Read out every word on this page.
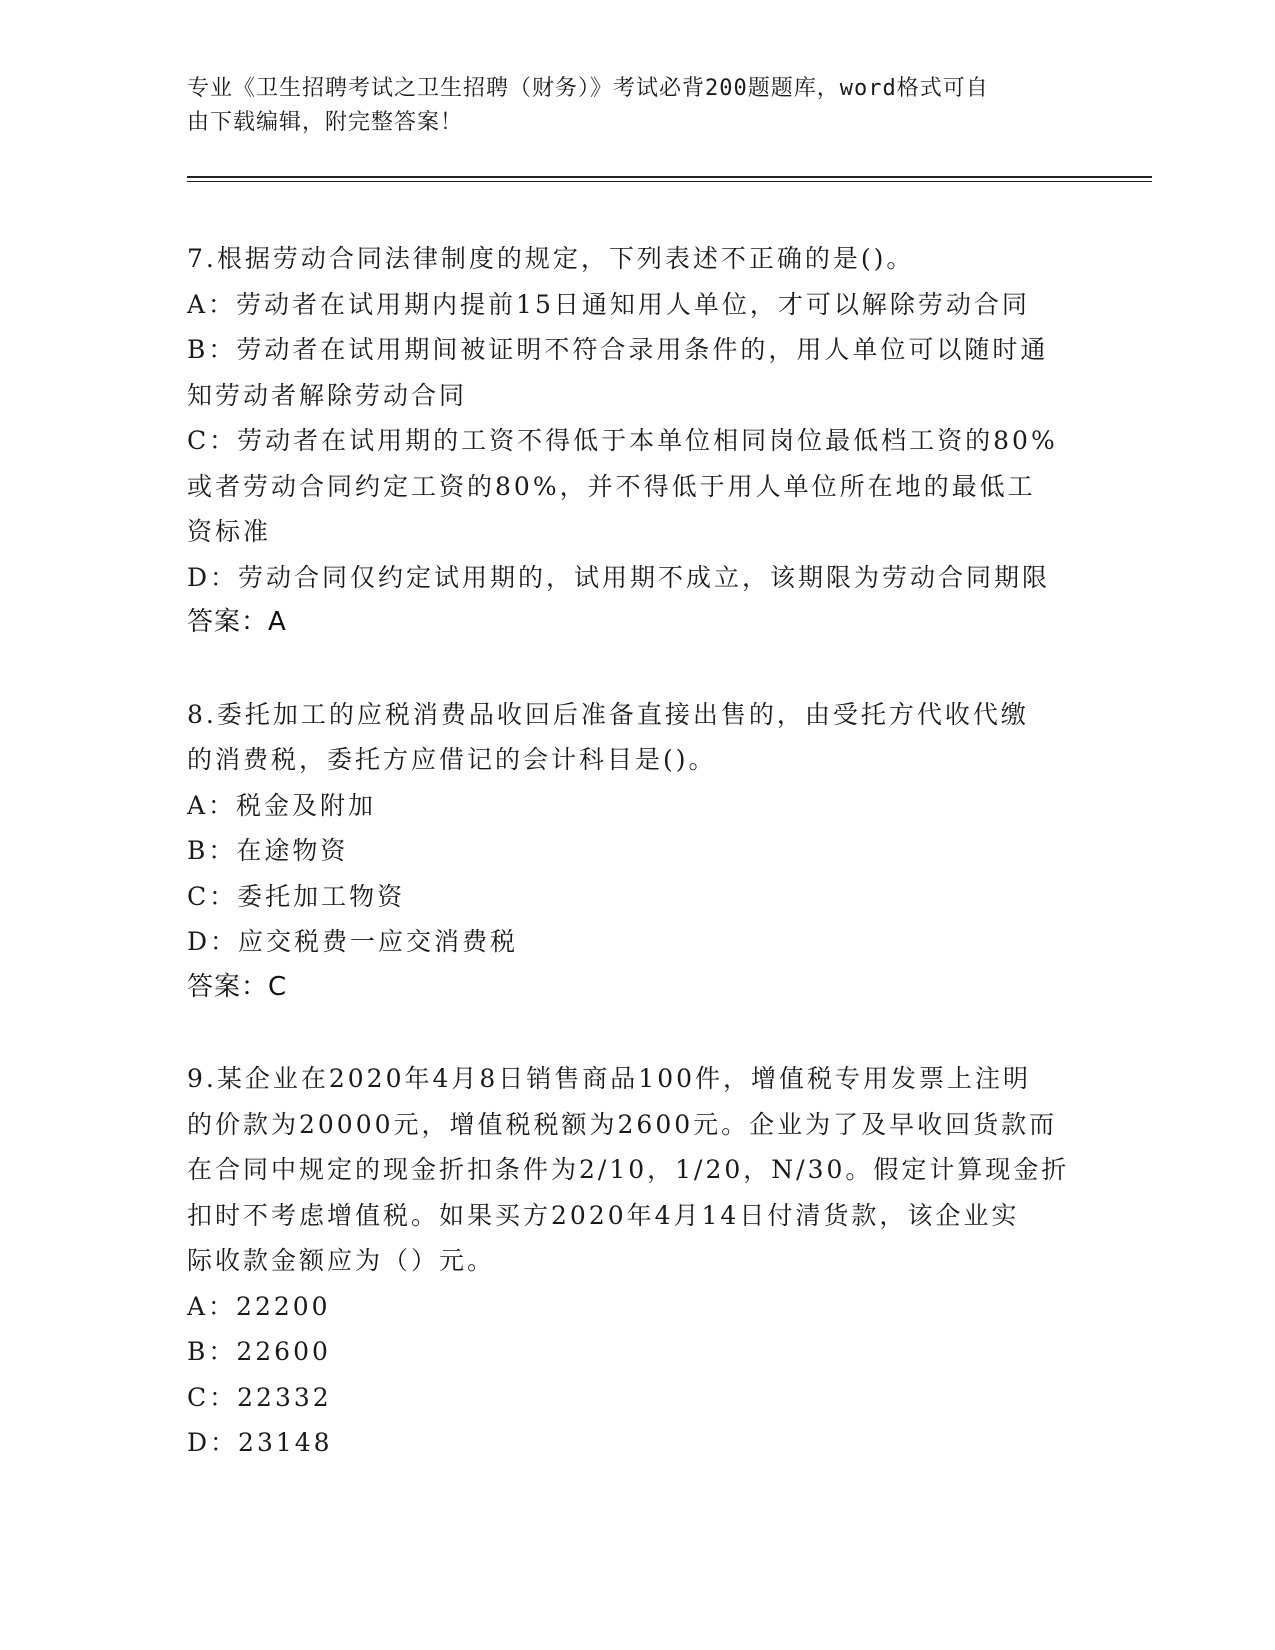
专业《卫生招聘考试之卫生招聘（财务）》考试必背200题题库，word格式可自

由下载编辑，附完整答案！

7.根据劳动合同法律制度的规定，下列表述不正确的是()。

A：劳动者在试用期内提前15日通知用人单位，才可以解除劳动合同

B：劳动者在试用期间被证明不符合录用条件的，用人单位可以随时通

知劳动者解除劳动合同

C：劳动者在试用期的工资不得低于本单位相同岗位最低档工资的80%

或者劳动合同约定工资的80%，并不得低于用人单位所在地的最低工

资标准

D：劳动合同仅约定试用期的，试用期不成立，该期限为劳动合同期限

答案：A

8.委托加工的应税消费品收回后准备直接出售的，由受托方代收代缴

的消费税，委托方应借记的会计科目是()。

A：税金及附加

B：在途物资

C：委托加工物资

D：应交税费一应交消费税

答案：C

9.某企业在2020年4月8日销售商品100件，增值税专用发票上注明

的价款为20000元，增值税税额为2600元。企业为了及早收回货款而

在合同中规定的现金折扣条件为2/10，1/20，N/30。假定计算现金折

扣时不考虑增值税。如果买方2020年4月14日付清货款，该企业实

际收款金额应为（）元。

A：22200

B：22600

C：22332

D：23148
